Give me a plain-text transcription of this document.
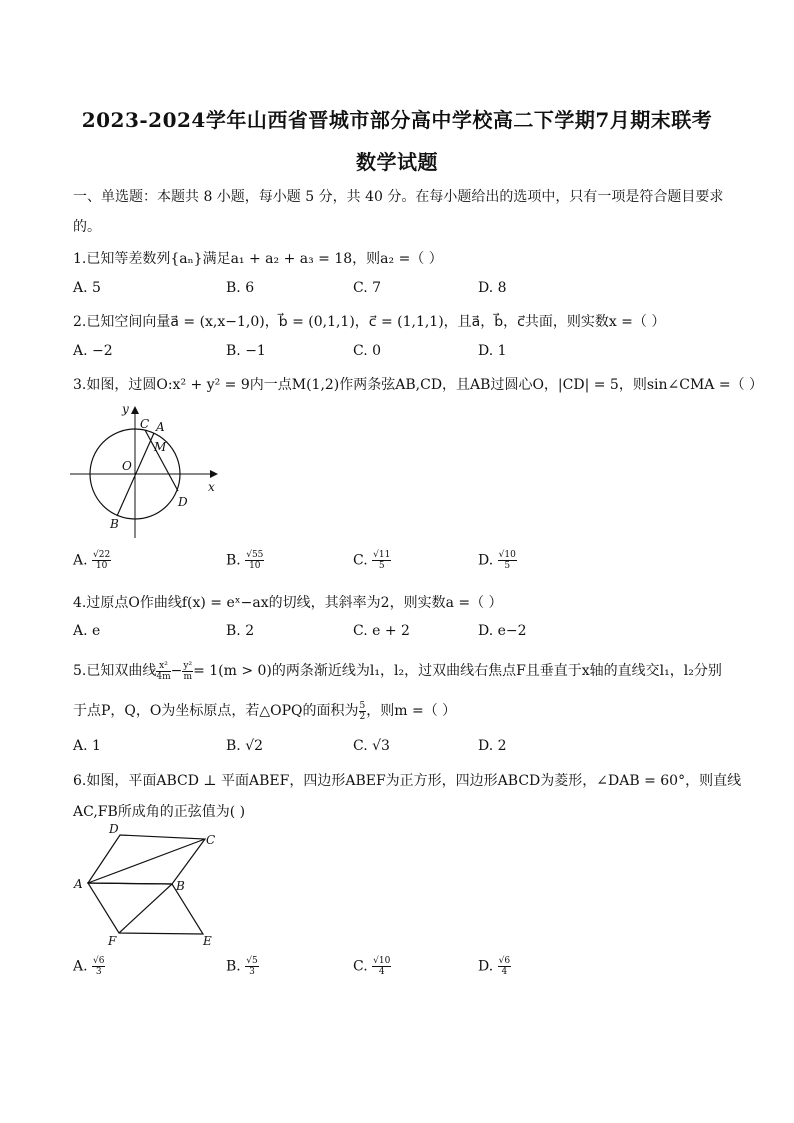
2023-2024学年山西省晋城市部分高中学校高二下学期7月期末联考
数学试题
一、单选题：本题共 8 小题，每小题 5 分，共 40 分。在每小题给出的选项中，只有一项是符合题目要求
的。
1.已知等差数列{aₙ}满足a₁ + a₂ + a₃ = 18，则a₂ =（ ）
A. 5	B. 6	C. 7	D. 8
2.已知空间向量a⃗ = (x,x−1,0)，b⃗ = (0,1,1)，c⃗ = (1,1,1)，且a⃗，b⃗，c⃗共面，则实数x =（ ）
A. −2	B. −1	C. 0	D. 1
3.如图，过圆O:x² + y² = 9内一点M(1,2)作两条弦AB,CD，且AB过圆心O，|CD| = 5，则sin∠CMA =（ ）
y
x
O
C A
M
D
B
A. $\frac{√22}{10}$	B. $\frac{√55}{10}$	C. $\frac{√11}{5}$	D. $\frac{√10}{5}$
4.过原点O作曲线f(x) = eˣ−ax的切线，其斜率为2，则实数a =（ ）
A. e	B. 2	C. e + 2	D. e−2
5.已知双曲线 $\frac{\text{x²}}{4m} - \frac{\text{y²}}{m} = 1(m > 0)$的两条渐近线为l₁，l₂，过双曲线右焦点F且垂直于x轴的直线交l₁，l₂分别
于点P，Q，O为坐标原点，若△OPQ的面积为 $\frac{5}{2}$ ，则m =（ ）
A. 1	B. √2	C. √3	D. 2
6.如图，平面ABCD ⊥ 平面ABEF，四边形ABEF为正方形，四边形ABCD为菱形，∠DAB = 60°，则直线
AC,FB所成角的正弦值为( )
D
C
A	B
F	E
A. $\frac{√6}{3}$	B. $\frac{√5}{3}$	C. $\frac{√10}{4}$	D. $\frac{√6}{4}$
